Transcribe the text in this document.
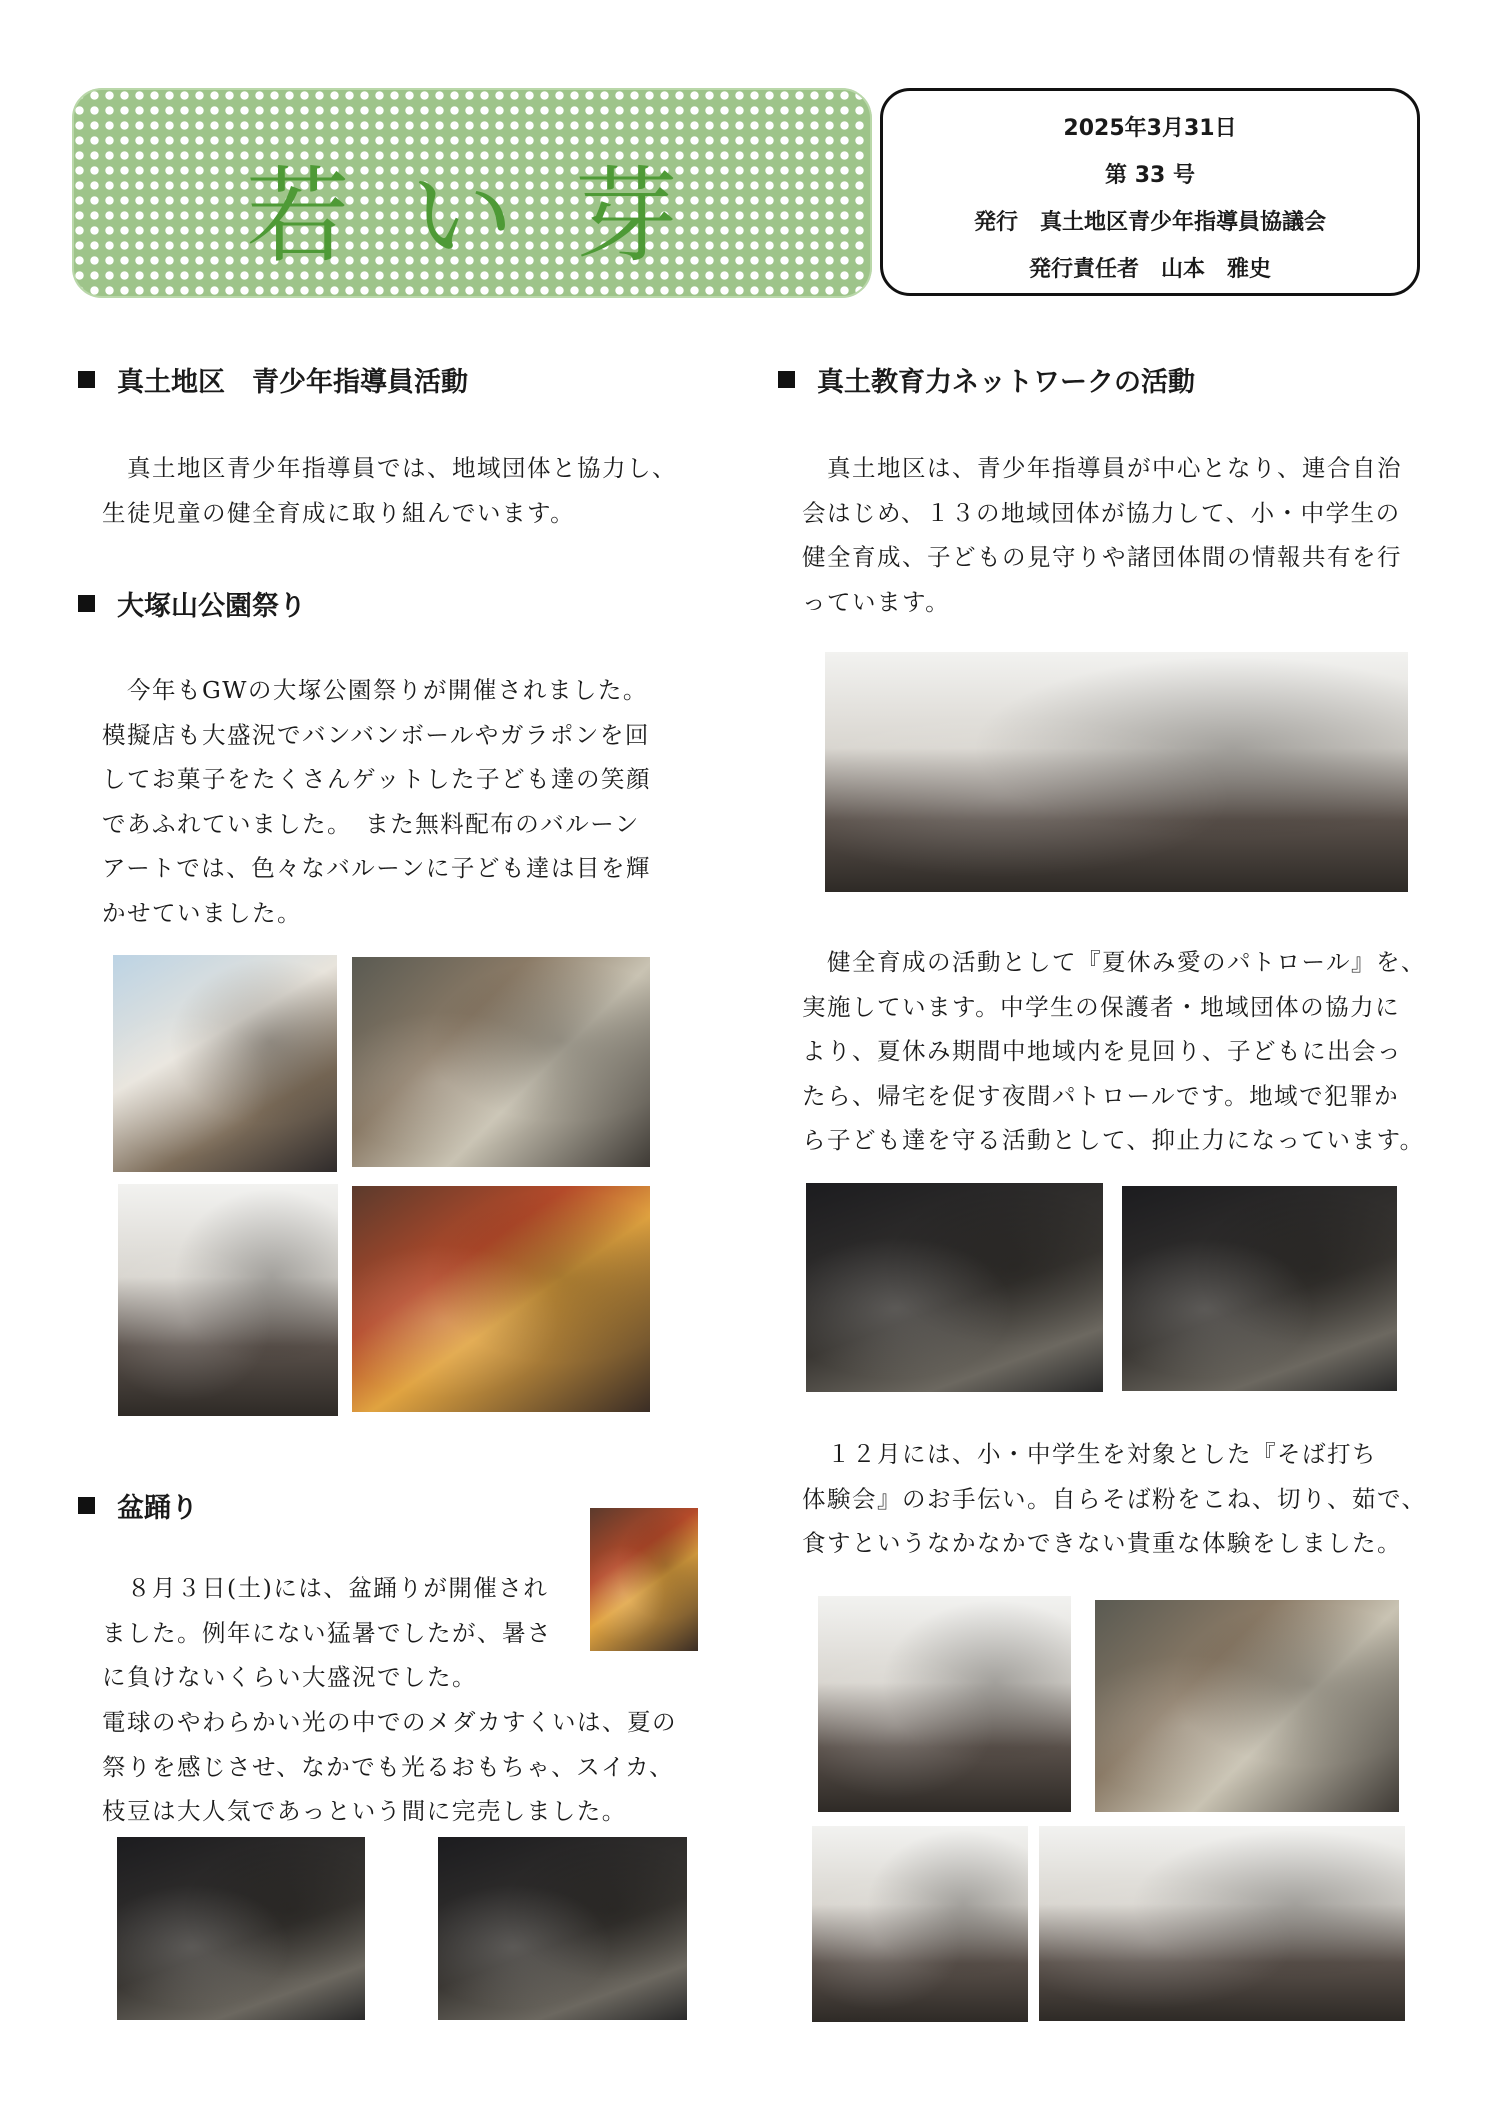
若い芽
2025年3月31日
第 33 号
発行　真土地区青少年指導員協議会
発行責任者　山本　雅史
真土地区　青少年指導員活動
　真土地区青少年指導員では、地域団体と協力し、
生徒児童の健全育成に取り組んでいます。
大塚山公園祭り
　今年もGWの大塚公園祭りが開催されました。
模擬店も大盛況でバンバンボールやガラポンを回
してお菓子をたくさんゲットした子ども達の笑顔
であふれていました。　また無料配布のバルーン
アートでは、色々なバルーンに子ども達は目を輝
かせていました。
盆踊り
　８月３日(土)には、盆踊りが開催され
ました。例年にない猛暑でしたが、暑さ
に負けないくらい大盛況でした。
電球のやわらかい光の中でのメダカすくいは、夏の
祭りを感じさせ、なかでも光るおもちゃ、スイカ、
枝豆は大人気であっという間に完売しました。
真土教育力ネットワークの活動
　真土地区は、青少年指導員が中心となり、連合自治
会はじめ、１３の地域団体が協力して、小・中学生の
健全育成、子どもの見守りや諸団体間の情報共有を行
っています。
　健全育成の活動として『夏休み愛のパトロール』を、
実施しています。中学生の保護者・地域団体の協力に
より、夏休み期間中地域内を見回り、子どもに出会っ
たら、帰宅を促す夜間パトロールです。地域で犯罪か
ら子ども達を守る活動として、抑止力になっています。
　１２月には、小・中学生を対象とした『そば打ち
体験会』のお手伝い。自らそば粉をこね、切り、茹で、
食すというなかなかできない貴重な体験をしました。
